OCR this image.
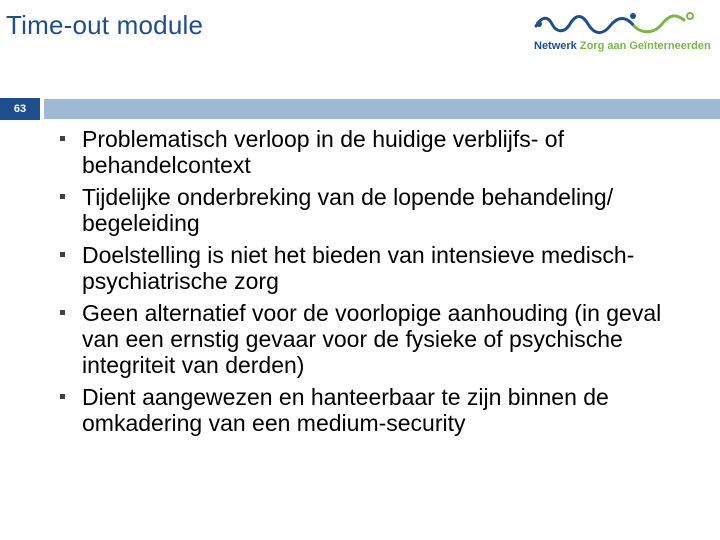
Time-out module
Netwerk Zorg aan Geïnterneerden
63
Problematisch verloop in de huidige verblijfs- of behandelcontext
Tijdelijke onderbreking van de lopende behandeling/ begeleiding
Doelstelling is niet het bieden van intensieve medisch-psychiatrische zorg
Geen alternatief voor de voorlopige aanhouding (in geval van een ernstig gevaar voor de fysieke of psychische integriteit van derden)
Dient aangewezen en hanteerbaar te zijn binnen de omkadering van een medium-security
